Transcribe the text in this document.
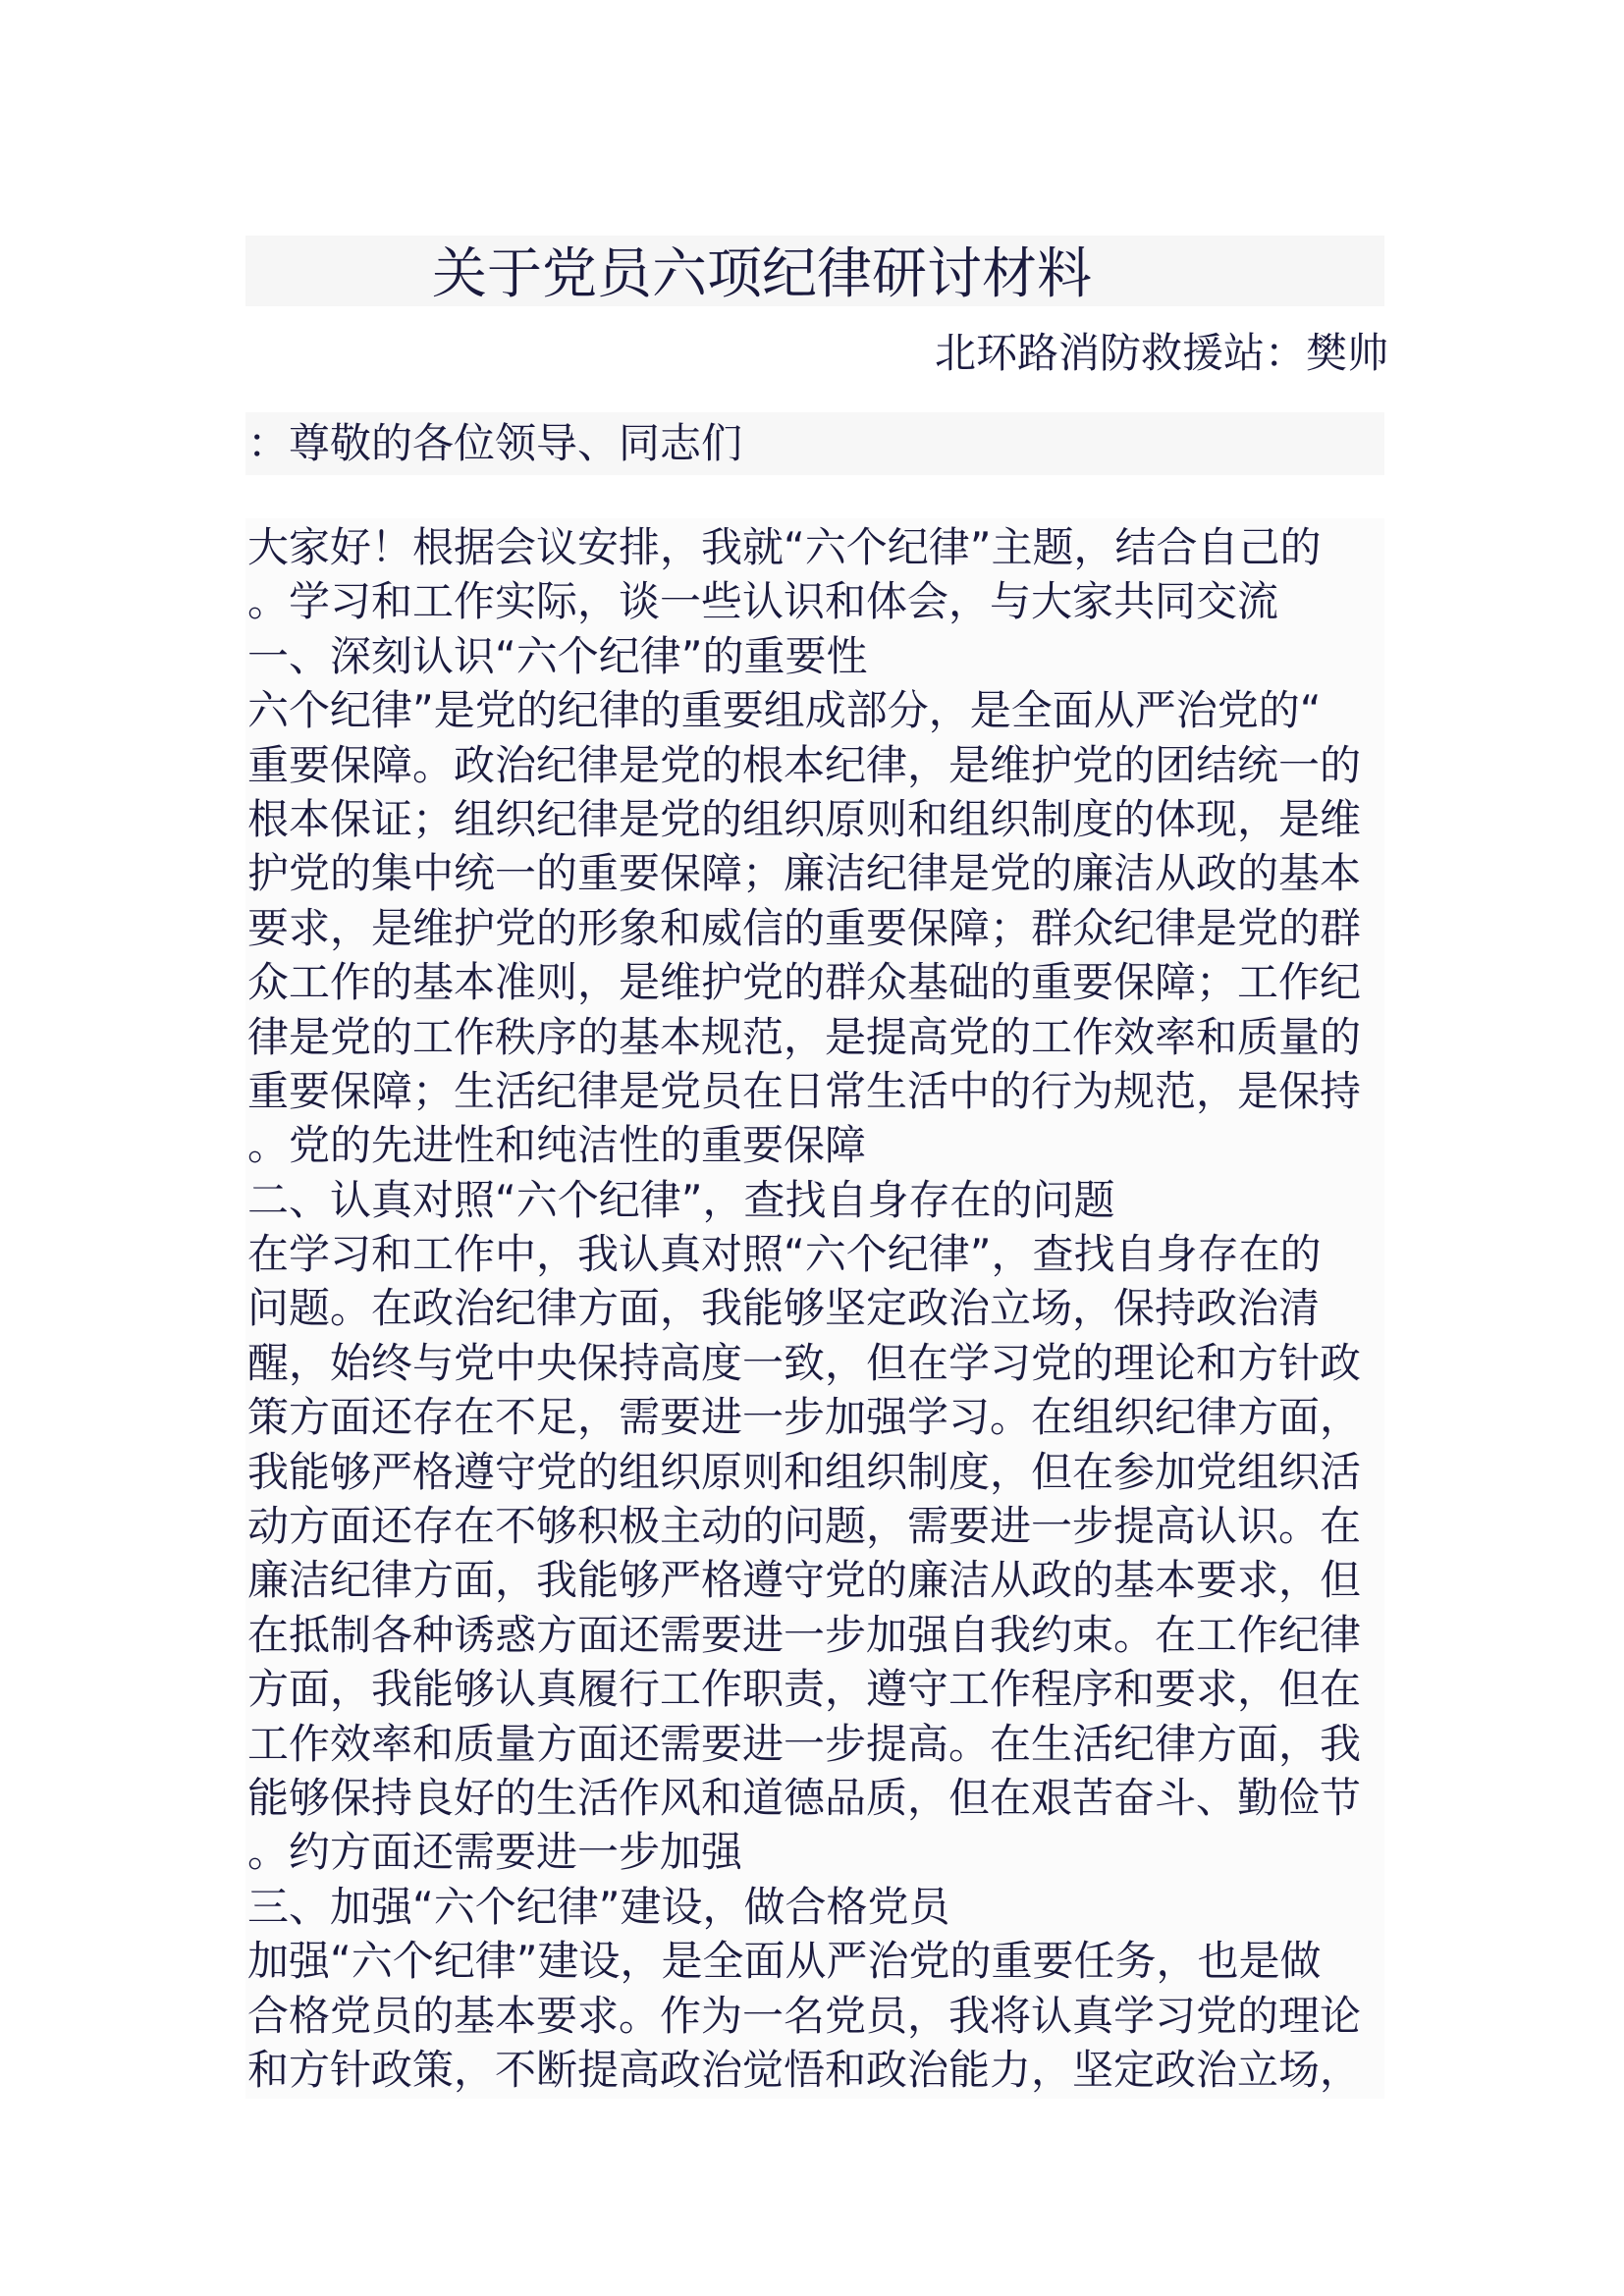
关于党员六项纪律研讨材料

北环路消防救援站：樊帅

：尊敬的各位领导、同志们

大家好！根据会议安排，我就“六个纪律”主题，结合自己的
。学习和工作实际，谈一些认识和体会，与大家共同交流
一、深刻认识“六个纪律”的重要性
六个纪律”是党的纪律的重要组成部分，是全面从严治党的“
重要保障。政治纪律是党的根本纪律，是维护党的团结统一的
根本保证；组织纪律是党的组织原则和组织制度的体现，是维
护党的集中统一的重要保障；廉洁纪律是党的廉洁从政的基本
要求，是维护党的形象和威信的重要保障；群众纪律是党的群
众工作的基本准则，是维护党的群众基础的重要保障；工作纪
律是党的工作秩序的基本规范，是提高党的工作效率和质量的
重要保障；生活纪律是党员在日常生活中的行为规范，是保持
。党的先进性和纯洁性的重要保障
二、认真对照“六个纪律”，查找自身存在的问题
在学习和工作中，我认真对照“六个纪律”，查找自身存在的
问题。在政治纪律方面，我能够坚定政治立场，保持政治清
醒，始终与党中央保持高度一致，但在学习党的理论和方针政
策方面还存在不足，需要进一步加强学习。在组织纪律方面，
我能够严格遵守党的组织原则和组织制度，但在参加党组织活
动方面还存在不够积极主动的问题，需要进一步提高认识。在
廉洁纪律方面，我能够严格遵守党的廉洁从政的基本要求，但
在抵制各种诱惑方面还需要进一步加强自我约束。在工作纪律
方面，我能够认真履行工作职责，遵守工作程序和要求，但在
工作效率和质量方面还需要进一步提高。在生活纪律方面，我
能够保持良好的生活作风和道德品质，但在艰苦奋斗、勤俭节
。约方面还需要进一步加强
三、加强“六个纪律”建设，做合格党员
加强“六个纪律”建设，是全面从严治党的重要任务，也是做
合格党员的基本要求。作为一名党员，我将认真学习党的理论
和方针政策，不断提高政治觉悟和政治能力，坚定政治立场，
